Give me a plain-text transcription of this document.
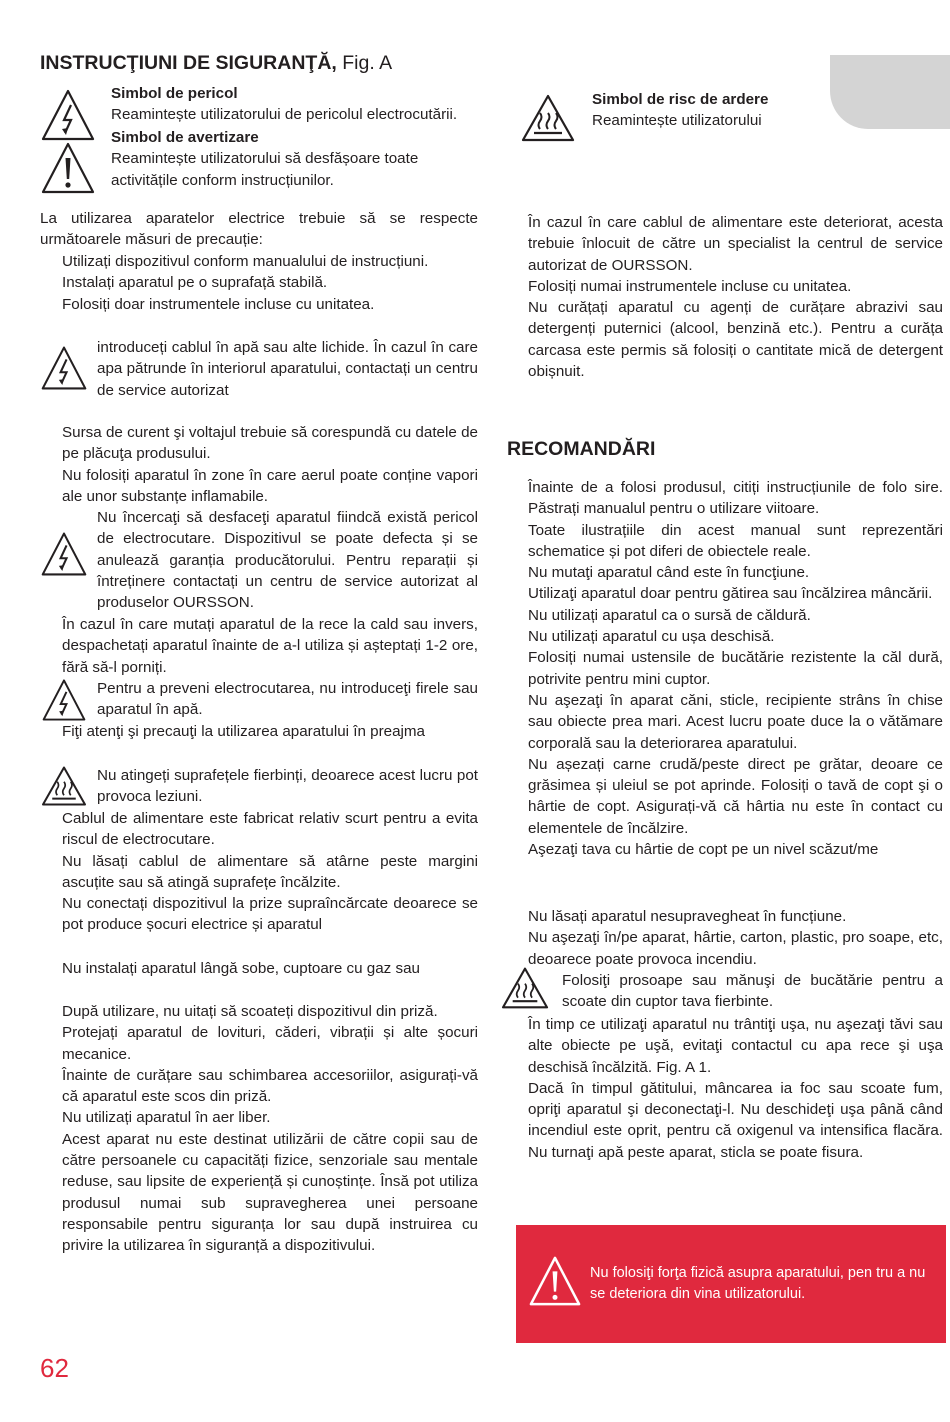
INSTRUCŢIUNI DE SIGURANŢĂ, Fig. A
Simbol de pericol
Reamintește utilizatorului de pericolul electrocutării.
Simbol de avertizare
Reamintește utilizatorului să desfășoare toate activitățile conform instrucțiunilor.
La utilizarea aparatelor electrice trebuie să se respecte următoarele măsuri de precauție:

Utilizați dispozitivul conform manualului de instrucțiuni.

Instalați aparatul pe o suprafață stabilă.

Folosiți doar instrumentele incluse cu unitatea.

introduceți cablul în apă sau alte lichide. În cazul în care apa pătrunde în interiorul aparatului, contactați un centru de service autorizat

Sursa de curent şi voltajul trebuie să corespundă cu datele de pe plăcuţa produsului.

Nu folosiți aparatul în zone în care aerul poate conține vapori ale unor substanțe inflamabile.

Nu încercaţi să desfaceţi aparatul fiindcă există pericol de electrocutare. Dispozitivul se poate defecta și se anulează garanția producătorului. Pentru reparații și întreținere contactați un centru de service autorizat al produselor OURSSON.
În cazul în care mutați aparatul de la rece la cald sau invers, despachetați aparatul înainte de a-l utiliza și așteptați 1-2 ore, fără să-l porniți.
Pentru a preveni electrocutarea, nu introduceţi firele sau aparatul în apă.
Fiţi atenţi şi precauţi la utilizarea aparatului în preajma
Nu atingeți suprafețele fierbinți, deoarece acest lucru pot provoca leziuni.

Cablul de alimentare este fabricat relativ scurt pentru a evita riscul de electrocutare.

Nu lăsați cablul de alimentare să atârne peste margini ascuțite sau să atingă suprafețe încălzite.

Nu conectați dispozitivul la prize supraîncărcate deoarece se pot produce șocuri electrice și aparatul

Nu instalați aparatul lângă sobe, cuptoare cu gaz sau

După utilizare, nu uitați să scoateți dispozitivul din priză.

Protejați aparatul de lovituri, căderi, vibrații și alte șocuri mecanice.

Înainte de curățare sau schimbarea accesoriilor, asigurați-vă că aparatul este scos din priză.

Nu utilizați aparatul în aer liber.

Acest aparat nu este destinat utilizării de către copii sau de către persoanele cu capacități fizice, senzoriale sau mentale reduse, sau lipsite de experiență și cunoștințe. Însă pot utiliza produsul numai sub supravegherea unei persoane responsabile pentru siguranța lor sau după instruirea cu privire la utilizarea în siguranță a dispozitivului.

Simbol de risc de ardere
Reamintește utilizatorului

În cazul în care cablul de alimentare este deteriorat, acesta trebuie înlocuit de către un specialist la centrul de service autorizat de OURSSON.

Folosiți numai instrumentele incluse cu unitatea.

Nu curățați aparatul cu agenți de curățare abrazivi sau detergenți puternici (alcool, benzină etc.). Pentru a curăța carcasa este permis să folosiți o cantitate mică de detergent obișnuit.

RECOMANDĂRI

Înainte de a folosi produsul, citiți instrucțiunile de folo sire. Păstrați manualul pentru o utilizare viitoare.

Toate ilustrațiile din acest manual sunt reprezentări schematice și pot diferi de obiectele reale.

Nu mutaţi aparatul când este în funcţiune.

Utilizaţi aparatul doar pentru gătirea sau încălzirea mâncării.

Nu utilizați aparatul ca o sursă de căldură.

Nu utilizați aparatul cu ușa deschisă.

Folosiți numai ustensile de bucătărie rezistente la căl dură, potrivite pentru mini cuptor.

Nu aşezaţi în aparat căni, sticle, recipiente strâns în chise sau obiecte prea mari. Acest lucru poate duce la o vătămare corporală sau la deteriorarea aparatului.

Nu așezați carne crudă/peste direct pe grătar, deoare ce grăsimea și uleiul se pot aprinde. Folosiți o tavă de copt şi o hârtie de copt. Asigurați-vă că hârtia nu este în contact cu elementele de încălzire.

Aşezaţi tava cu hârtie de copt pe un nivel scăzut/me

Nu lăsați aparatul nesupravegheat în funcțiune.

Nu aşezaţi în/pe aparat, hârtie, carton, plastic, pro soape, etc, deoarece poate provoca incendiu.

Folosiţi prosoape sau mănuşi de bucătărie pentru a scoate din cuptor tava fierbinte.

În timp ce utilizaţi aparatul nu trântiţi uşa, nu aşezaţi tăvi sau alte obiecte pe uşă, evitaţi contactul cu apa rece şi uşa deschisă încălzită. Fig. A 1.

Dacă în timpul gătitului, mâncarea ia foc sau scoate fum, opriţi aparatul şi deconectaţi-l. Nu deschideţi uşa până când incendiul este oprit, pentru că oxigenul va intensifica flacăra. Nu turnaţi apă peste aparat, sticla se poate fisura.

Nu folosiţi forţa fizică asupra aparatului, pen tru a nu se deteriora din vina utilizatorului.
62
